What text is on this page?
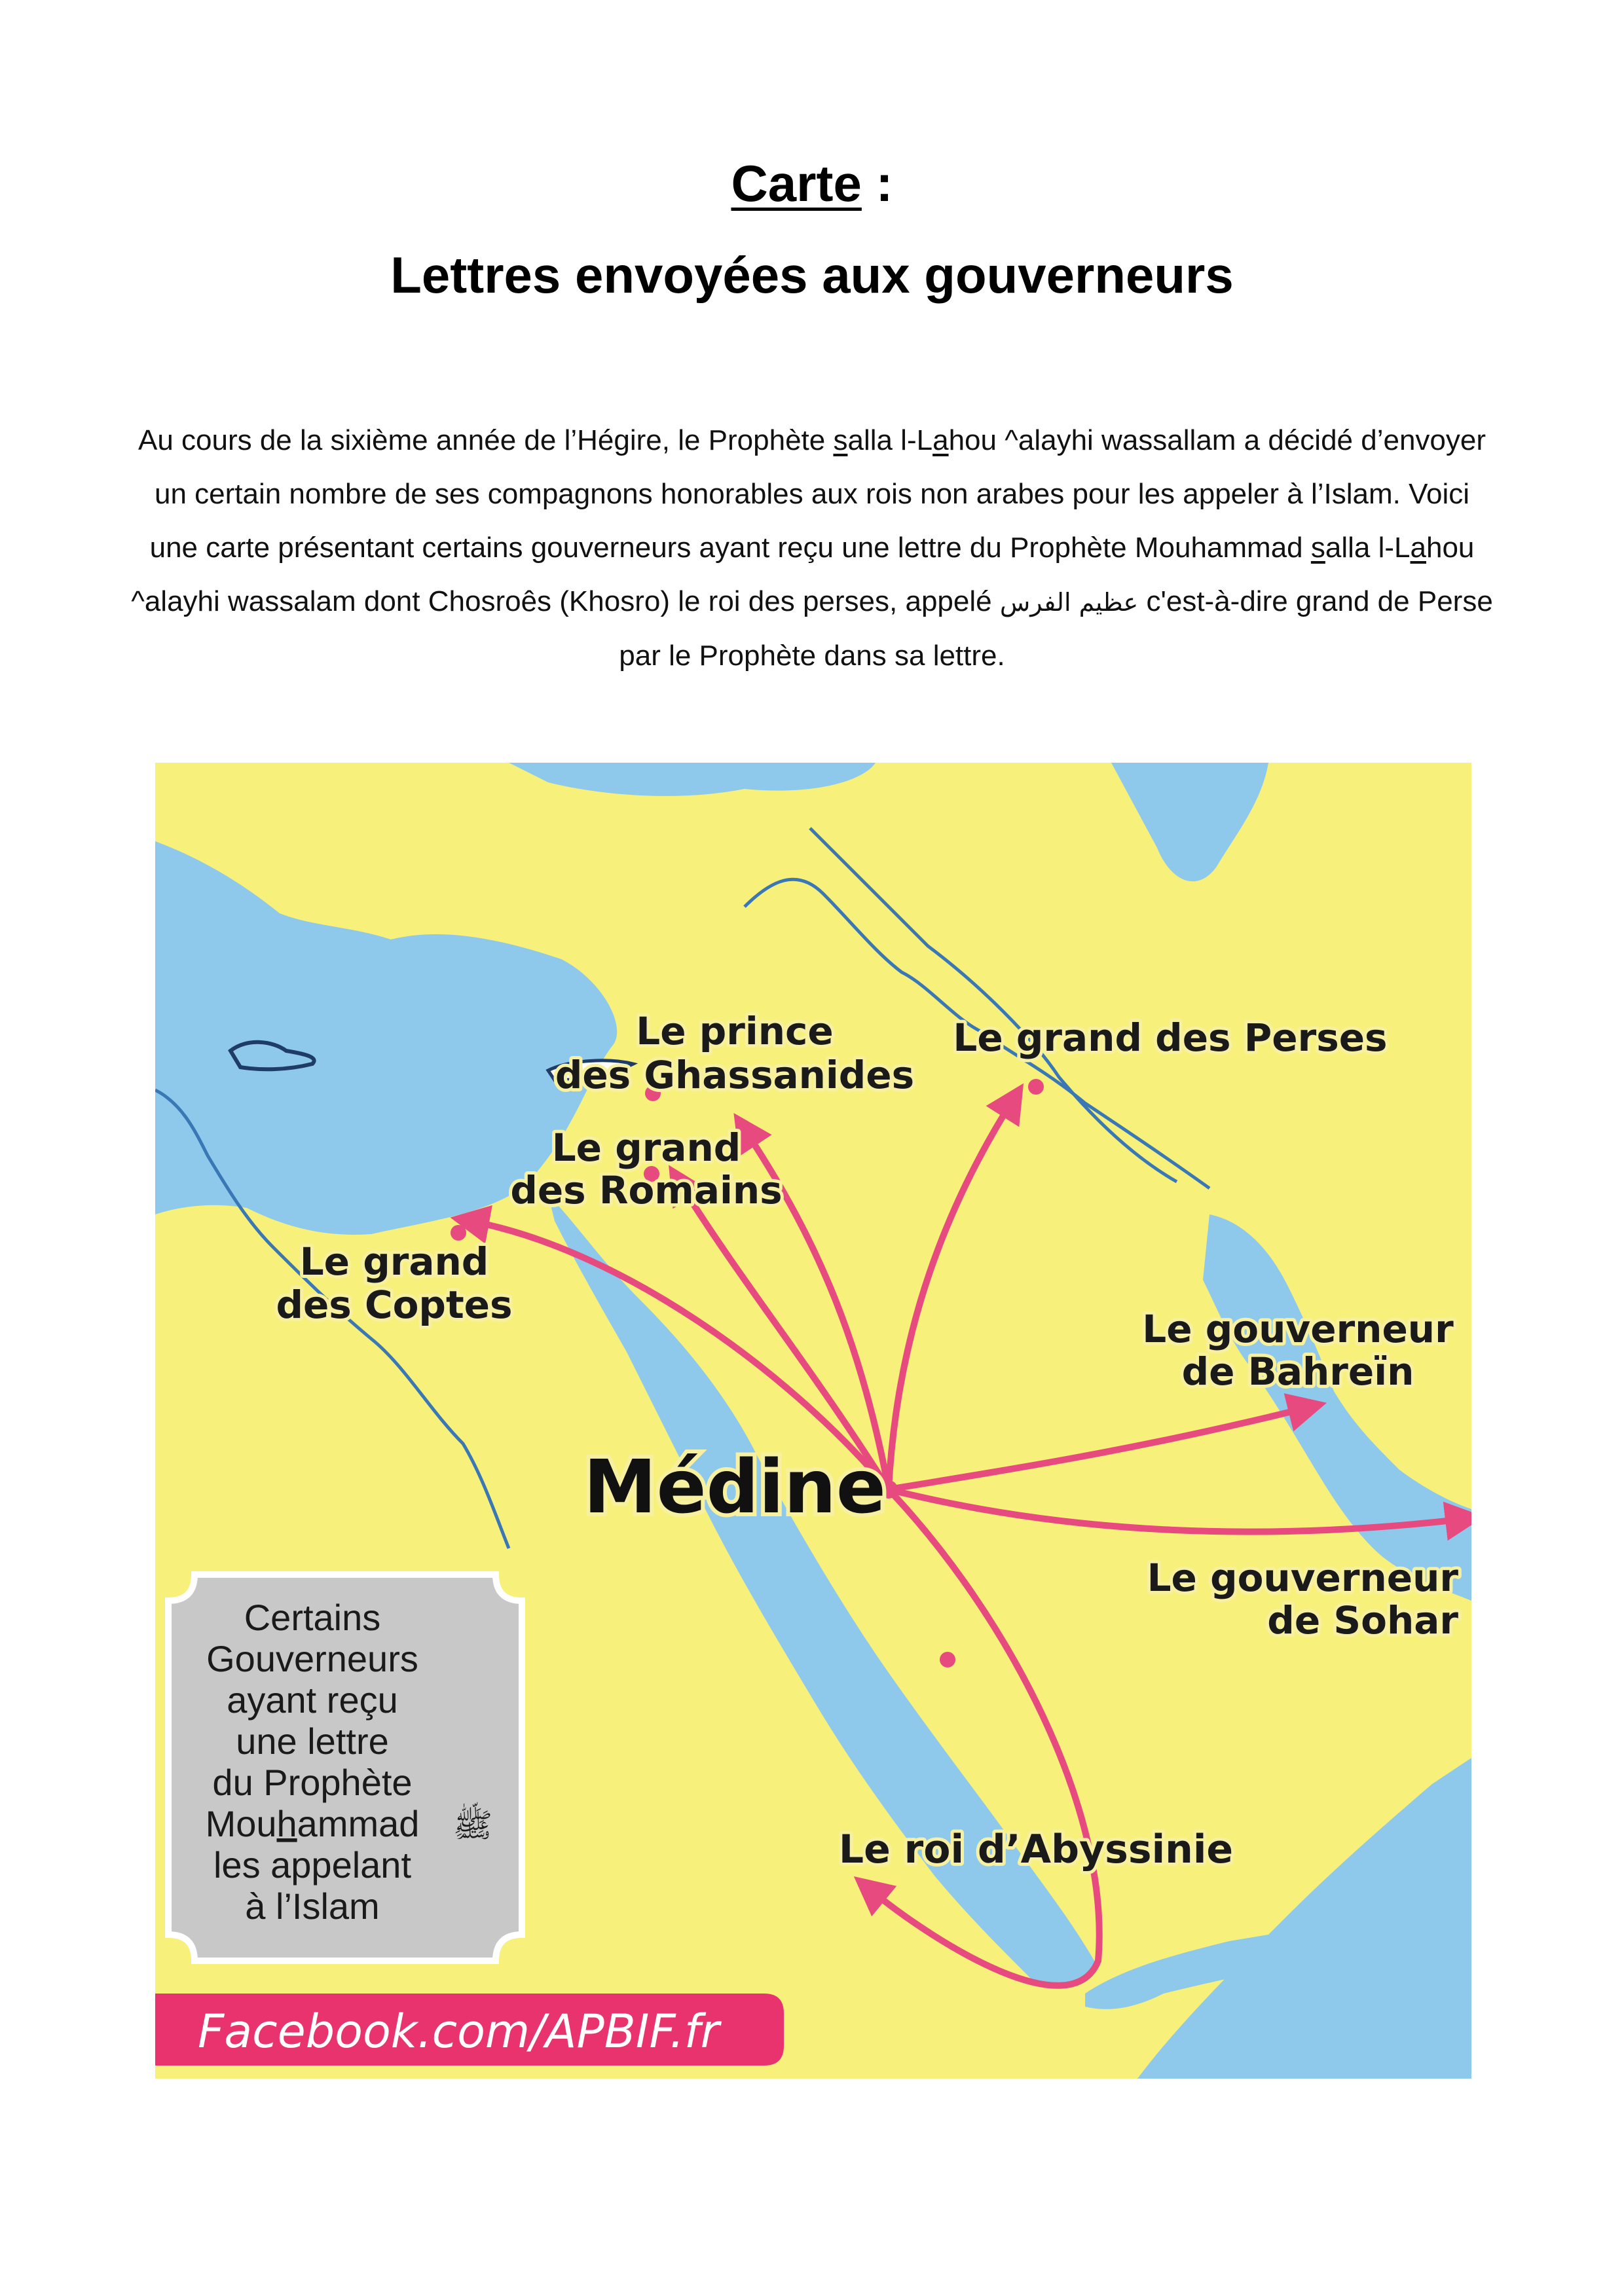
Carte :
Lettres envoyées aux gouverneurs
Au cours de la sixième année de l’Hégire, le Prophète salla l-Lahou ^alayhi wassallam a décidé d’envoyer un certain nombre de ses compagnons honorables aux rois non arabes pour les appeler à l’Islam. Voici une carte présentant certains gouverneurs ayant reçu une lettre du Prophète Mouhammad salla l-Lahou ^alayhi wassalam dont Chosroês (Khosro) le roi des perses, appelé عظيم الفرس c'est-à-dire grand de Perse par le Prophète dans sa lettre.
Le prince
des Ghassanides
Le grand des Perses
Le grand
des Romains
Le grand
des Coptes
Le gouverneur
de Bahreïn
Médine
Le gouverneur
de Sohar
Le roi d’Abyssinie
Certains
Gouverneurs
ayant reçu
une lettre
du Prophète
Mouhammad ﷺ
les appelant
à l’Islam
Facebook.com/APBIF.fr
